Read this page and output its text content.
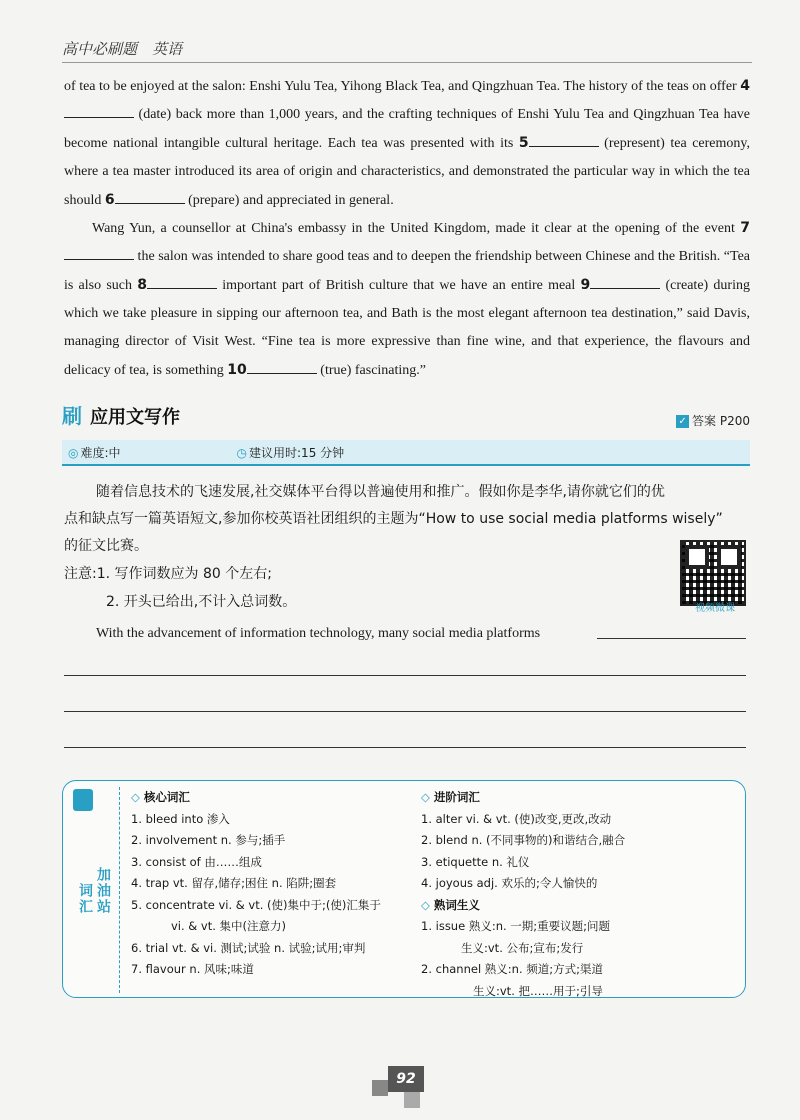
高中必刷题　英语
of tea to be enjoyed at the salon: Enshi Yulu Tea, Yihong Black Tea, and Qingzhuan Tea. The history of the teas on offer 4 (date) back more than 1,000 years, and the crafting techniques of Enshi Yulu Tea and Qingzhuan Tea have become national intangible cultural heritage. Each tea was presented with its 5	(represent) tea ceremony, where a tea master introduced its area of origin and characteristics, and demonstrated the particular way in which the tea should 6	(prepare) and appreciated in general.
Wang Yun, a counsellor at China's embassy in the United Kingdom, made it clear at the opening of the event 7 the salon was intended to share good teas and to deepen the friendship between Chinese and the British. “Tea is also such 8	important part of British culture that we have an entire meal 9	(create) during which we take pleasure in sipping our afternoon tea, and Bath is the most elegant afternoon tea destination,” said Davis, managing director of Visit West. “Fine tea is more expressive than fine wine, and that experience, the flavours and delicacy of tea, is something 10	(true) fascinating.”
刷 应用文写作	✓ 答案 P200
◎ 难度:中	◷ 建议用时:15 分钟
随着信息技术的飞速发展,社交媒体平台得以普遍使用和推广。假如你是李华,请你就它们的优
点和缺点写一篇英语短文,参加你校英语社团组织的主题为“How to use social media platforms wisely”
的征文比赛。
注意:1. 写作词数应为 80 个左右;
2. 开头已给出,不计入总词数。	视频微课
With the advancement of information technology, many social media platforms
加油站
词汇
◇ 核心词汇
1. bleed into 渗入
2. involvement n. 参与;插手
3. consist of 由……组成
4. trap vt. 留存,储存;困住 n. 陷阱;圈套
5. concentrate vi. & vt. (使)集中于;(使)汇集于
vi. & vt. 集中(注意力)
6. trial vt. & vi. 测试;试验 n. 试验;试用;审判
7. flavour n. 风味;味道
◇ 进阶词汇
1. alter vi. & vt. (使)改变,更改,改动
2. blend n. (不同事物的)和谐结合,融合
3. etiquette n. 礼仪
4. joyous adj. 欢乐的;令人愉快的
◇ 熟词生义
1. issue 熟义:n. 一期;重要议题;问题
生义:vt. 公布;宣布;发行
2. channel 熟义:n. 频道;方式;渠道
生义:vt. 把……用于;引导
92
